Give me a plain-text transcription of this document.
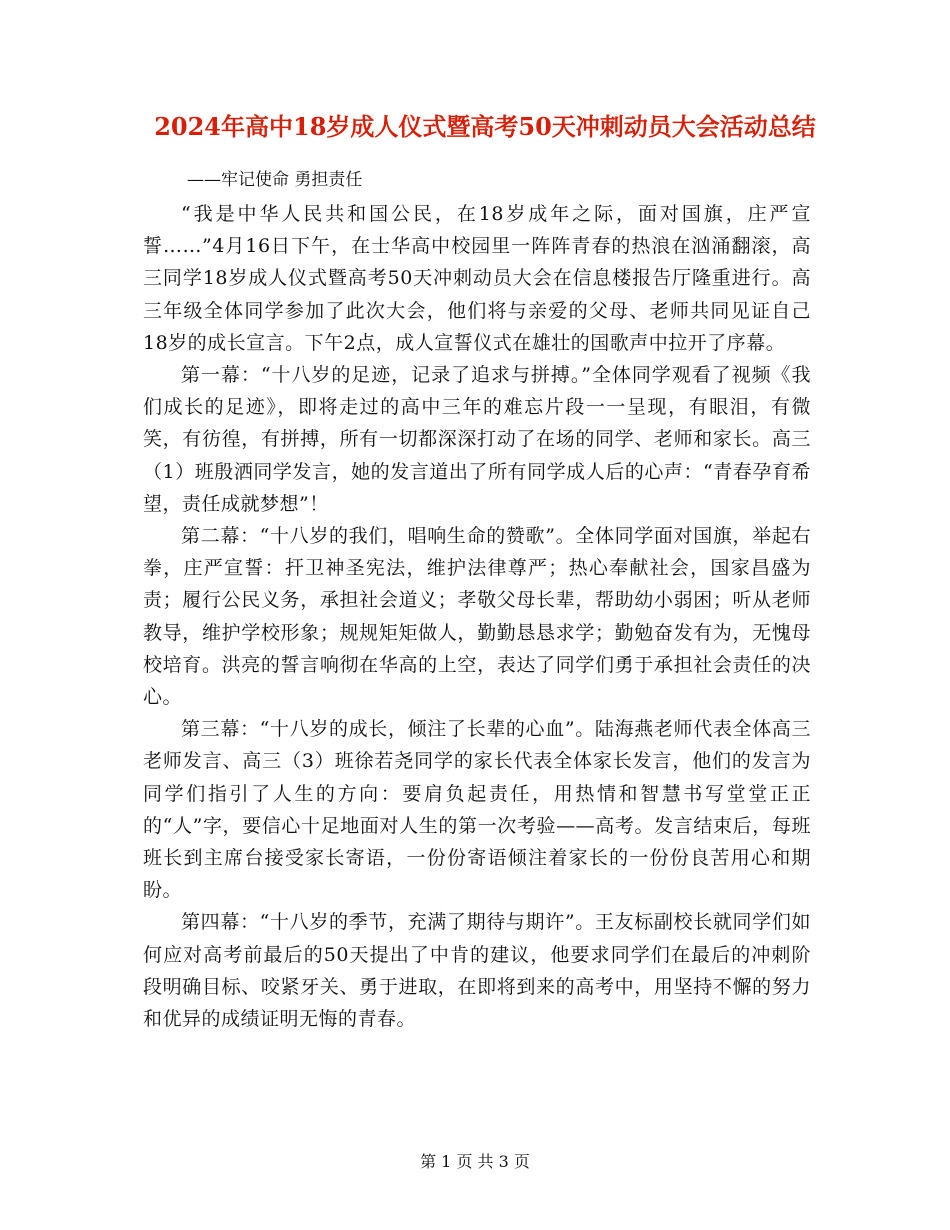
2024年高中18岁成人仪式暨高考50天冲刺动员大会活动总结
——牢记使命 勇担责任

“我是中华人民共和国公民，在18岁成年之际，面对国旗，庄严宣誓……”4月16日下午，在士华高中校园里一阵阵青春的热浪在汹涌翻滚，高三同学18岁成人仪式暨高考50天冲刺动员大会在信息楼报告厅隆重进行。高三年级全体同学参加了此次大会，他们将与亲爱的父母、老师共同见证自己18岁的成长宣言。下午2点，成人宣誓仪式在雄壮的国歌声中拉开了序幕。

第一幕：“十八岁的足迹，记录了追求与拼搏。”全体同学观看了视频《我们成长的足迹》，即将走过的高中三年的难忘片段一一呈现，有眼泪，有微笑，有彷徨，有拼搏，所有一切都深深打动了在场的同学、老师和家长。高三（1）班殷洒同学发言，她的发言道出了所有同学成人后的心声：“青春孕育希望，责任成就梦想”！

第二幕：“十八岁的我们，唱响生命的赞歌”。全体同学面对国旗，举起右拳，庄严宣誓：扞卫神圣宪法，维护法律尊严；热心奉献社会，国家昌盛为责；履行公民义务，承担社会道义；孝敬父母长辈，帮助幼小弱困；听从老师教导，维护学校形象；规规矩矩做人，勤勤恳恳求学；勤勉奋发有为，无愧母校培育。洪亮的誓言响彻在华高的上空，表达了同学们勇于承担社会责任的决心。

第三幕：“十八岁的成长，倾注了长辈的心血”。陆海燕老师代表全体高三老师发言、高三（3）班徐若尧同学的家长代表全体家长发言，他们的发言为同学们指引了人生的方向：要肩负起责任，用热情和智慧书写堂堂正正的“人”字，要信心十足地面对人生的第一次考验——高考。发言结束后，每班班长到主席台接受家长寄语，一份份寄语倾注着家长的一份份良苦用心和期盼。

第四幕：“十八岁的季节，充满了期待与期许”。王友标副校长就同学们如何应对高考前最后的50天提出了中肯的建议，他要求同学们在最后的冲刺阶段明确目标、咬紧牙关、勇于进取，在即将到来的高考中，用坚持不懈的努力和优异的成绩证明无悔的青春。

第 1 页 共 3 页
